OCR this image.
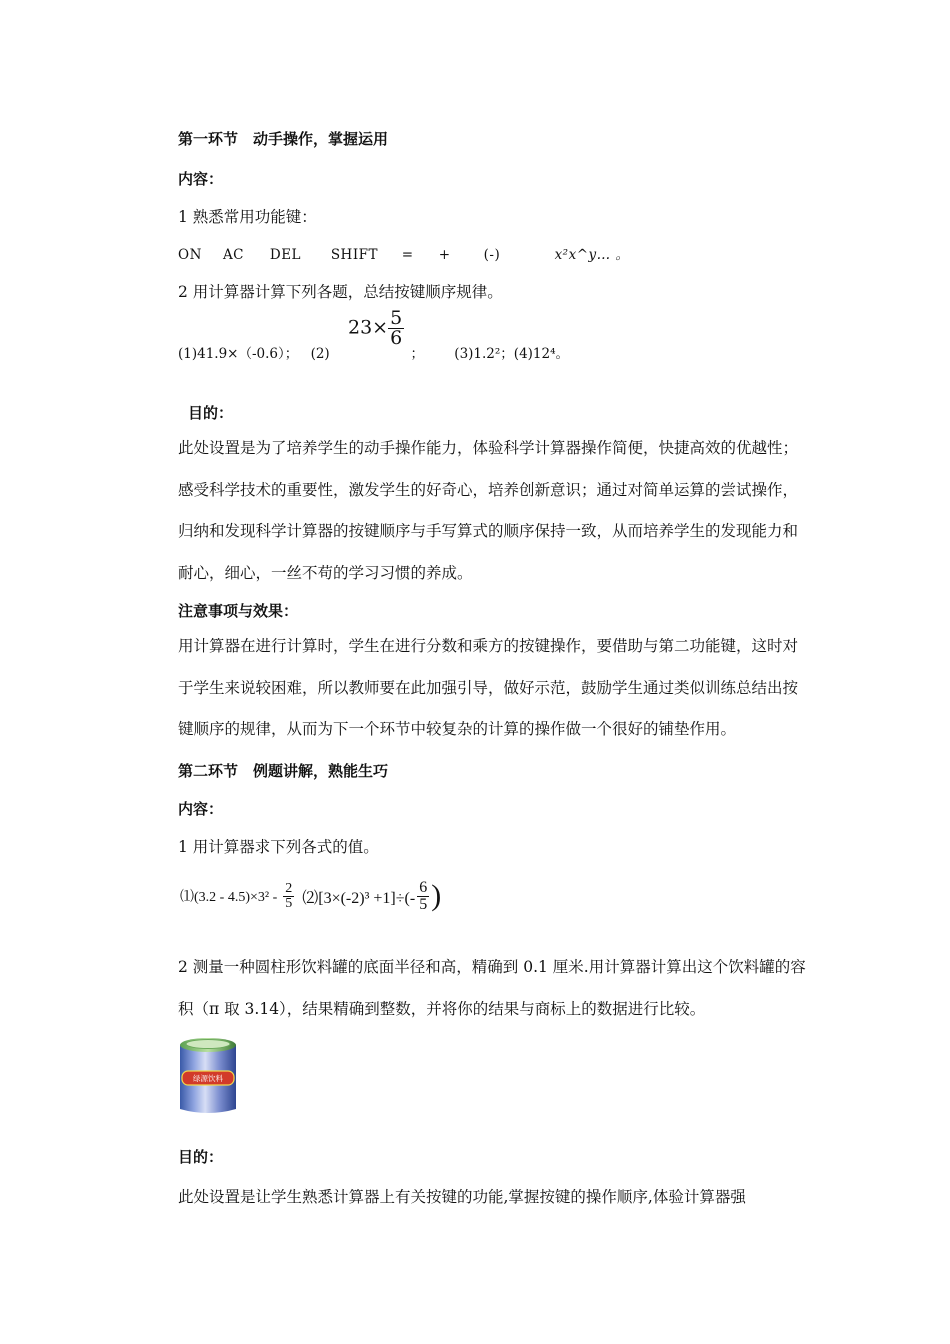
第一环节　动手操作，掌握运用
内容：
1 熟悉常用功能键：
ON AC DEL SHIFT = + (-)	x²x^y… 。
2 用计算器计算下列各题，总结按键顺序规律。
(1)41.9×（-0.6）； (2) $23\times \frac{5}{6}$
； (3)1.2²；(4)12⁴。
目的：

此处设置是为了培养学生的动手操作能力，体验科学计算器操作简便，快捷高效的优越性；感受科学技术的重要性，激发学生的好奇心，培养创新意识；通过对简单运算的尝试操作，归纳和发现科学计算器的按键顺序与手写算式的顺序保持一致，从而培养学生的发现能力和耐心，细心，一丝不苟的学习习惯的养成。

注意事项与效果：

用计算器在进行计算时，学生在进行分数和乘方的按键操作，要借助与第二功能键，这时对于学生来说较困难，所以教师要在此加强引导，做好示范，鼓励学生通过类似训练总结出按键顺序的规律，从而为下一个环节中较复杂的计算的操作做一个很好的铺垫作用。

第二环节　例题讲解，熟能生巧
内容：
1 用计算器求下列各式的值。
⑴(3.2 - $4.5)\times 3^2 - \frac{2}{5}$ ⑵[3×(-2)³ $+1]\div(- \frac{6}{5}$ )

2 测量一种圆柱形饮料罐的底面半径和高，精确到 0.1 厘米.用计算器计算出这个饮料罐的容积（π 取 3.14），结果精确到整数，并将你的结果与商标上的数据进行比较。

绿源饮料
目的：
此处设置是让学生熟悉计算器上有关按键的功能,掌握按键的操作顺序,体验计算器强
